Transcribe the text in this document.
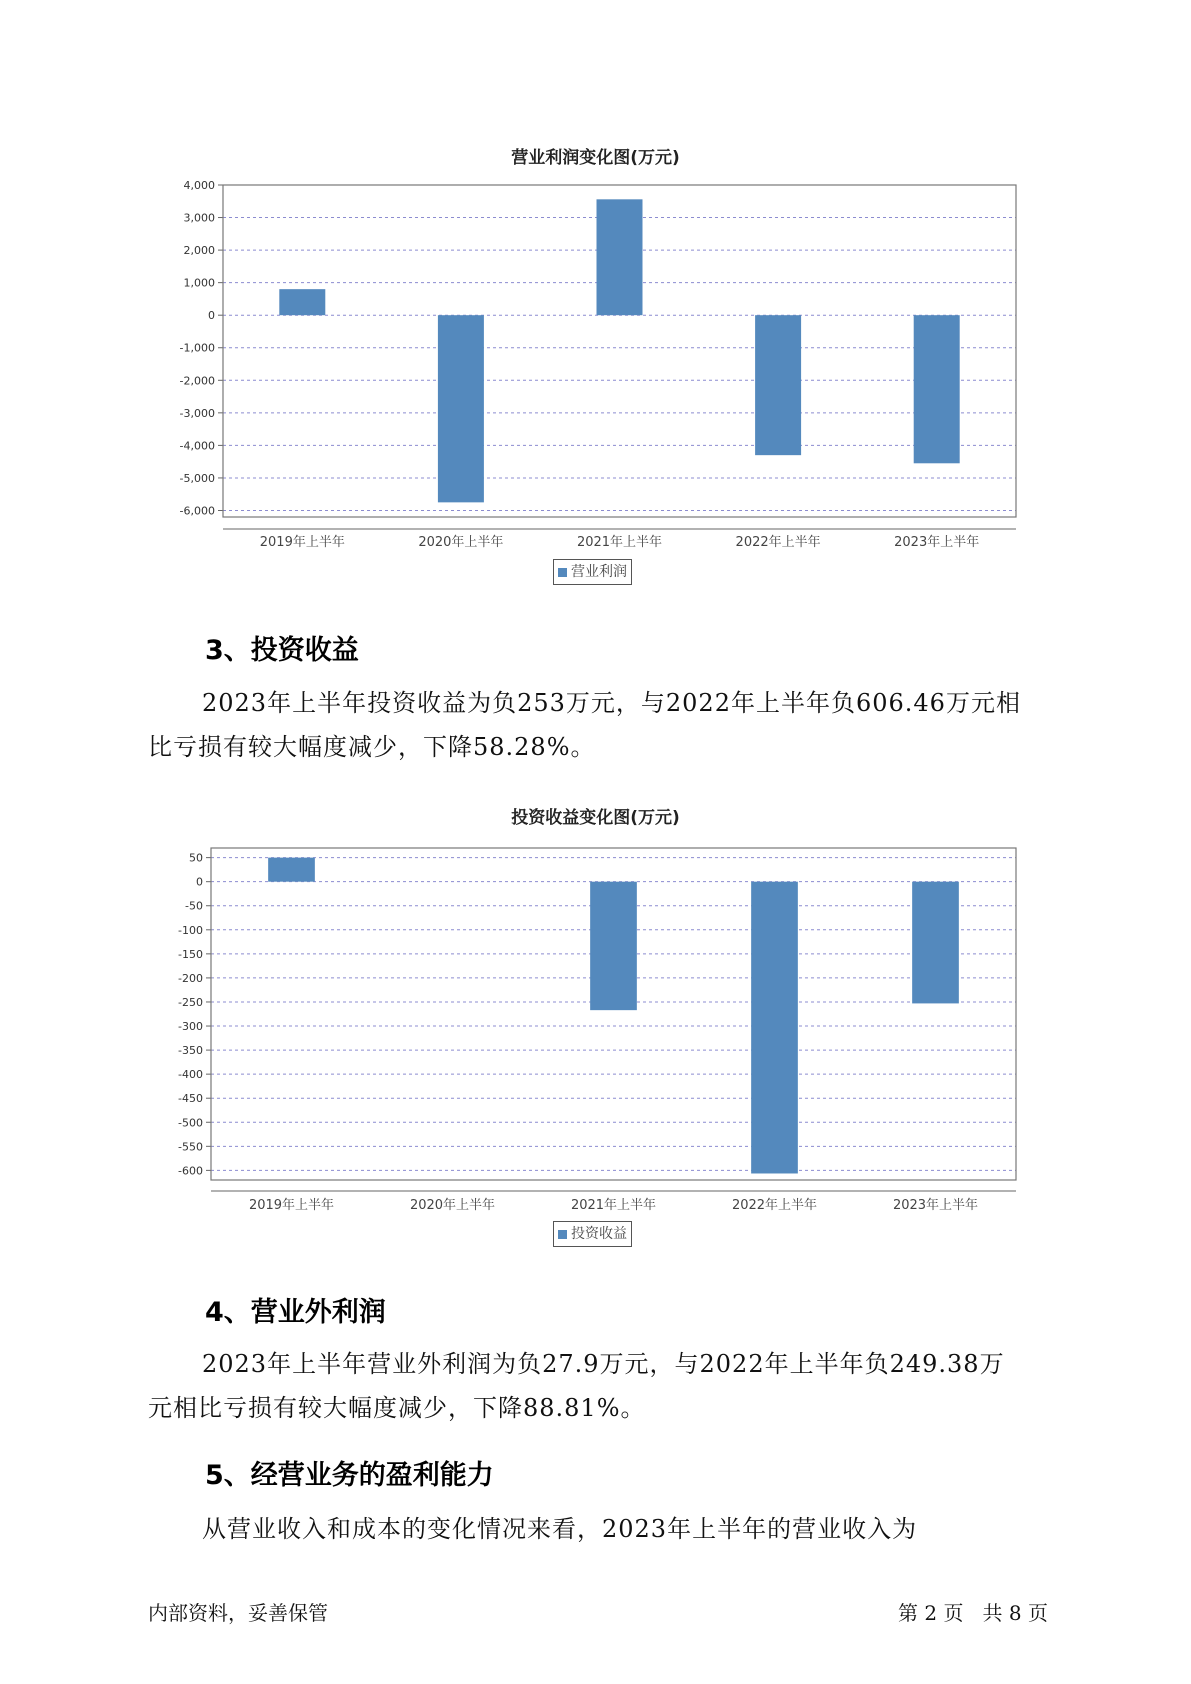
营业利润变化图(万元)
4,000
3,000
2,000
1,000
0
-1,000
-2,000
-3,000
-4,000
-5,000
-6,000
2019年上半年	2020年上半年	2021年上半年	2022年上半年	2023年上半年
营业利润
3、投资收益
2023年上半年投资收益为负253万元，与2022年上半年负606.46万元相
比亏损有较大幅度减少，下降58.28%。
投资收益变化图(万元)
50
0
-50
-100
-150
-200
-250
-300
-350
-400
-450
-500
-550
-600
2019年上半年	2020年上半年	2021年上半年	2022年上半年	2023年上半年
投资收益
4、营业外利润
2023年上半年营业外利润为负27.9万元，与2022年上半年负249.38万
元相比亏损有较大幅度减少，下降88.81%。
5、经营业务的盈利能力
从营业收入和成本的变化情况来看，2023年上半年的营业收入为
内部资料，妥善保管	第 2 页   共 8 页
